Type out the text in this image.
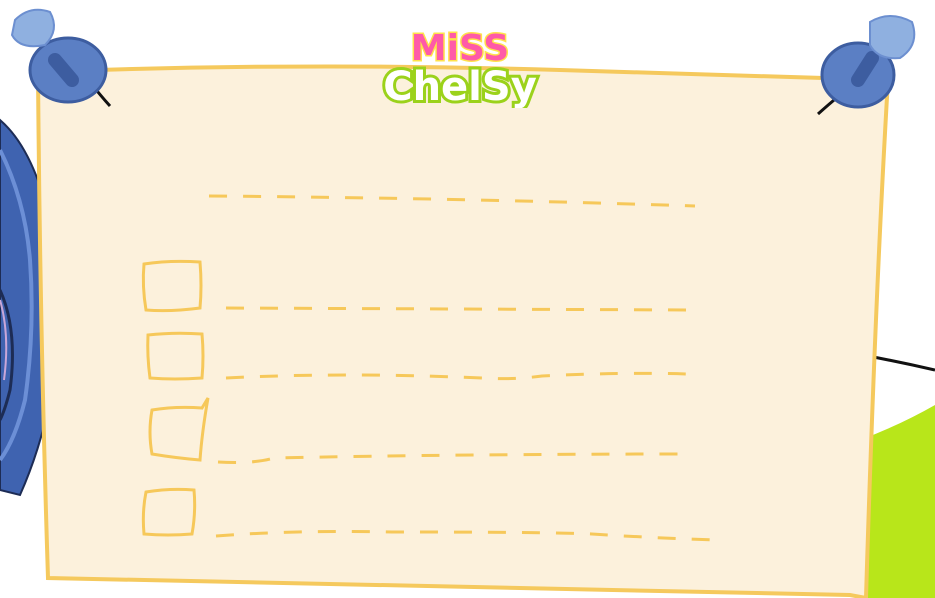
MiSS
ChelSy
